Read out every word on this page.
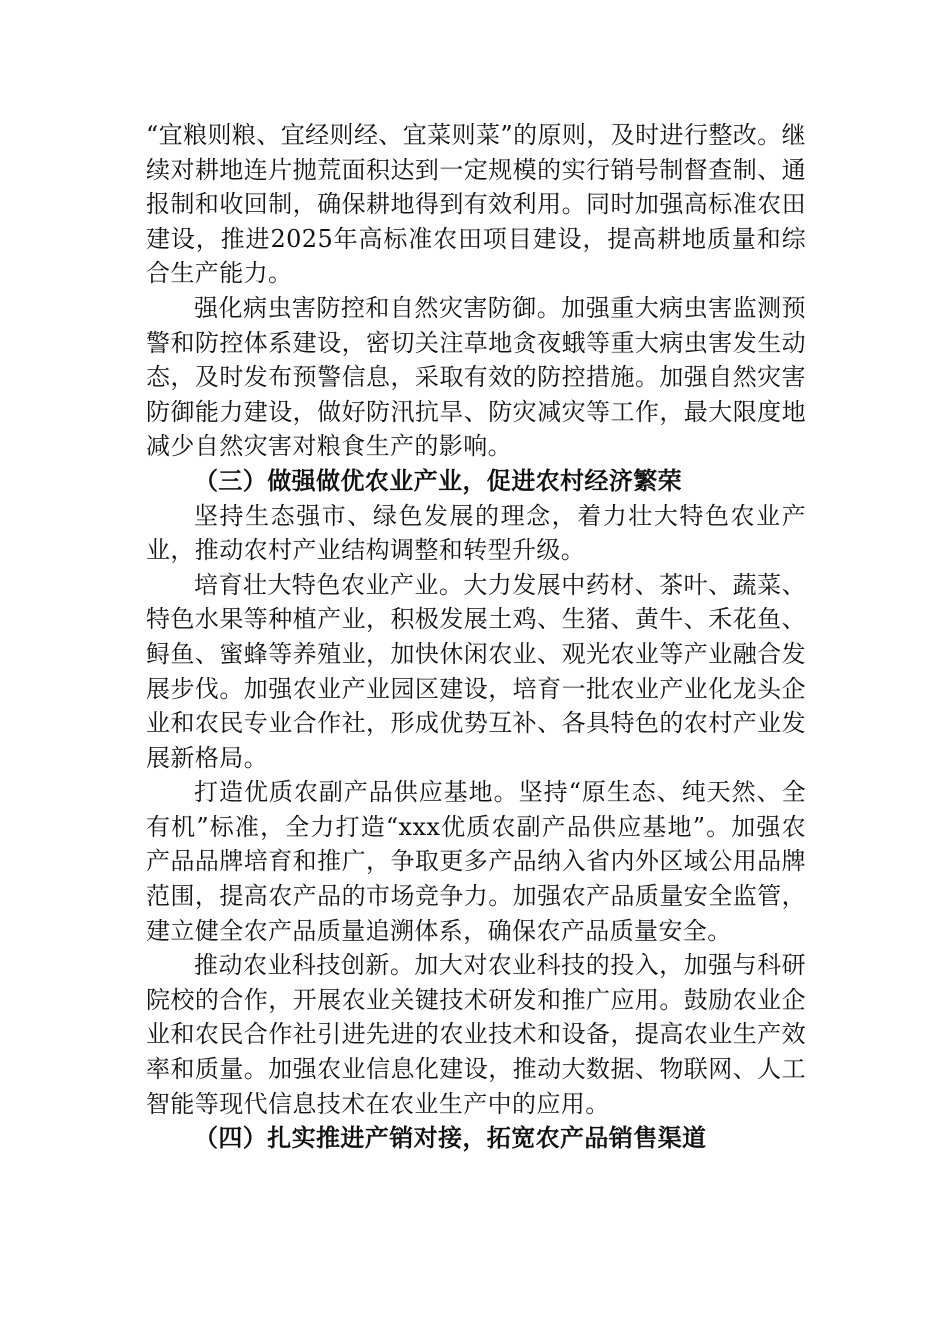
“宜粮则粮、宜经则经、宜菜则菜”的原则，及时进行整改。继续对耕地连片抛荒面积达到一定规模的实行销号制督查制、通报制和收回制，确保耕地得到有效利用。同时加强高标准农田建设，推进2025年高标准农田项目建设，提高耕地质量和综合生产能力。

强化病虫害防控和自然灾害防御。加强重大病虫害监测预警和防控体系建设，密切关注草地贪夜蛾等重大病虫害发生动态，及时发布预警信息，采取有效的防控措施。加强自然灾害防御能力建设，做好防汛抗旱、防灾减灾等工作，最大限度地减少自然灾害对粮食生产的影响。

（三）做强做优农业产业，促进农村经济繁荣

坚持生态强市、绿色发展的理念，着力壮大特色农业产业，推动农村产业结构调整和转型升级。

培育壮大特色农业产业。大力发展中药材、茶叶、蔬菜、特色水果等种植产业，积极发展土鸡、生猪、黄牛、禾花鱼、鲟鱼、蜜蜂等养殖业，加快休闲农业、观光农业等产业融合发展步伐。加强农业产业园区建设，培育一批农业产业化龙头企业和农民专业合作社，形成优势互补、各具特色的农村产业发展新格局。

打造优质农副产品供应基地。坚持“原生态、纯天然、全有机”标准，全力打造“xxx优质农副产品供应基地”。加强农产品品牌培育和推广，争取更多产品纳入省内外区域公用品牌范围，提高农产品的市场竞争力。加强农产品质量安全监管，建立健全农产品质量追溯体系，确保农产品质量安全。

推动农业科技创新。加大对农业科技的投入，加强与科研院校的合作，开展农业关键技术研发和推广应用。鼓励农业企业和农民合作社引进先进的农业技术和设备，提高农业生产效率和质量。加强农业信息化建设，推动大数据、物联网、人工智能等现代信息技术在农业生产中的应用。

（四）扎实推进产销对接，拓宽农产品销售渠道
